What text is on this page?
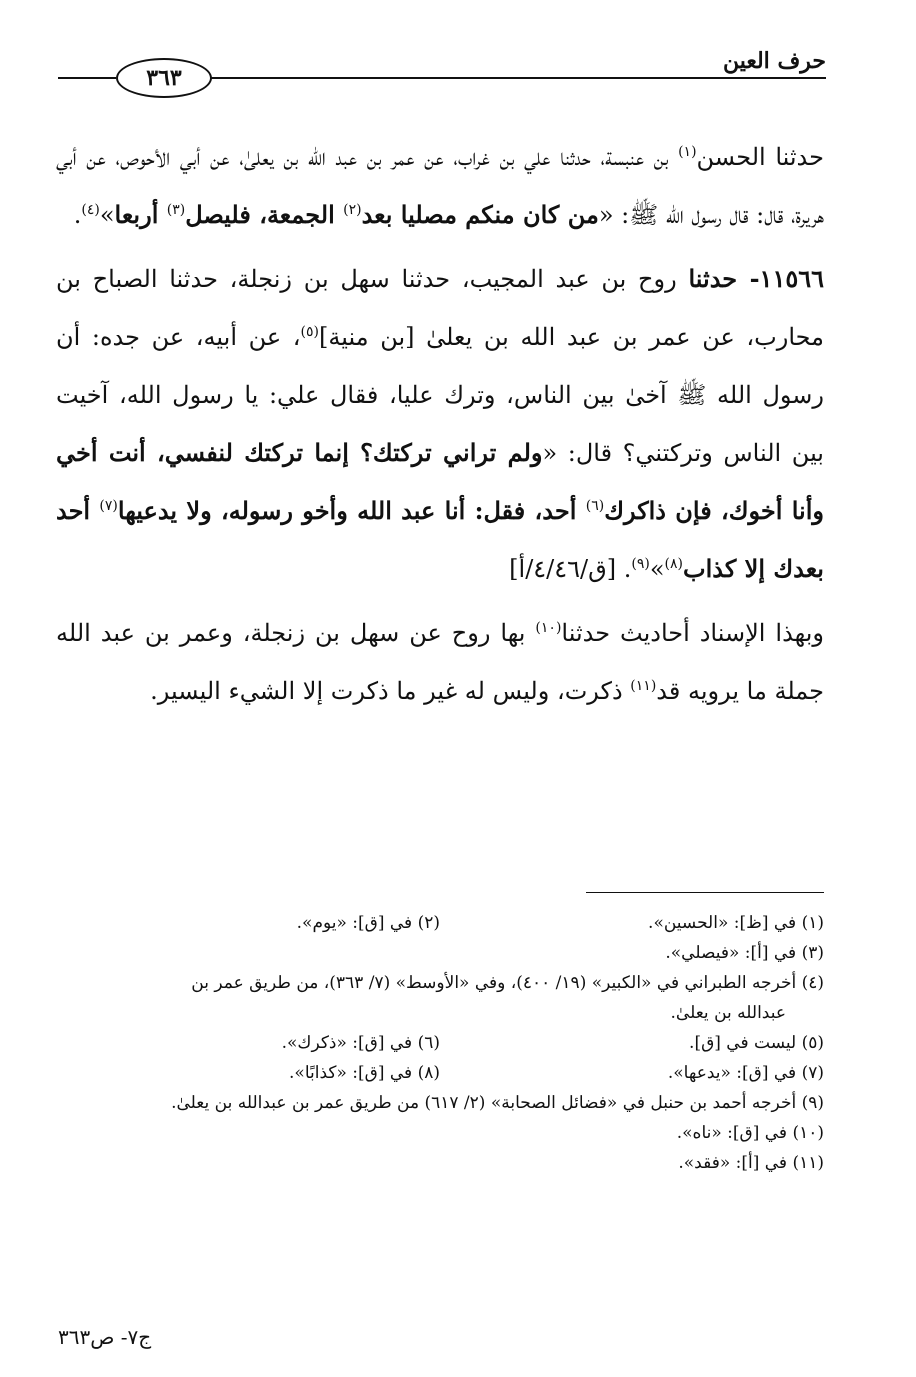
حرف العين
٣٦٣

حدثنا الحسن$^{(١)}$ بن عنبسة، حدثنا علي بن غراب، عن عمر بن عبد الله بن يعلىٰ، عن أبي الأحوص، عن أبي هريرة، قال: قال رسول الله ﷺ: «من كان منكم مصليا بعد$^{(٢)}$ الجمعة، فليصل$^{(٣)}$ أربعا»$^{(٤)}$.

١١٥٦٦- حدثنا روح بن عبد المجيب، حدثنا سهل بن زنجلة، حدثنا الصباح بن محارب، عن عمر بن عبد الله بن يعلىٰ [بن منية]$^{(٥)}$، عن أبيه، عن جده: أن رسول الله ﷺ آخىٰ بين الناس، وترك عليا، فقال علي: يا رسول الله، آخيت بين الناس وتركتني؟ قال: «ولم تراني تركتك؟ إنما تركتك لنفسي، أنت أخي وأنا أخوك، فإن ذاكرك$^{(٦)}$ أحد، فقل: أنا عبد الله وأخو رسوله، ولا يدعيها$^{(٧)}$ أحد بعدك إلا كذاب$^{(٨)}$»$^{(٩)}$. [ق/٤/٤٦/أ]

وبهذا الإسناد أحاديث حدثنا$^{(١٠)}$ بها روح عن سهل بن زنجلة، وعمر بن عبد الله جملة ما يرويه قد$^{(١١)}$ ذكرت، وليس له غير ما ذكرت إلا الشيء اليسير.

(١) في [ظ]: «الحسين».
(٢) في [ق]: «يوم».
(٣) في [أ]: «فيصلي».
(٤) أخرجه الطبراني في «الكبير» (١٩/ ٤٠٠)، وفي «الأوسط» (٧/ ٣٦٣)، من طريق عمر بن
عبدالله بن يعلىٰ.
(٥) ليست في [ق].
(٦) في [ق]: «ذكرك».
(٧) في [ق]: «يدعها».
(٨) في [ق]: «كذابًا».
(٩) أخرجه أحمد بن حنبل في «فضائل الصحابة» (٢/ ٦١٧) من طريق عمر بن عبدالله بن يعلىٰ.
(١٠) في [ق]: «ناه».
(١١) في [أ]: «فقد».
ج٧- ص٣٦٣
